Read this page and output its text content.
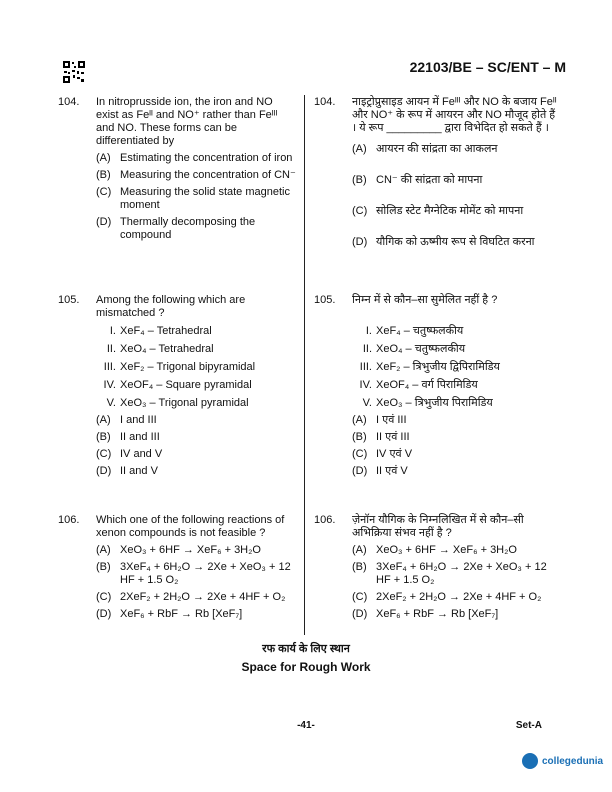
22103/BE – SC/ENT – M
104. In nitroprusside ion, the iron and NO exist as Feᴵᴵ and NO⁺ rather than Feᴵᴵᴵ and NO. These forms can be differentiated by
(A) Estimating the concentration of iron
(B) Measuring the concentration of CN⁻
(C) Measuring the solid state magnetic moment
(D) Thermally decomposing the compound
105. Among the following which are mismatched ?
I. XeF₄ – Tetrahedral
II. XeO₄ – Tetrahedral
III. XeF₂ – Trigonal bipyramidal
IV. XeOF₄ – Square pyramidal
V. XeO₃ – Trigonal pyramidal
(A) I and III
(B) II and III
(C) IV and V
(D) II and V
106. Which one of the following reactions of xenon compounds is not feasible ?
(A) XeO₃ + 6HF → XeF₆ + 3H₂O
(B) 3XeF₄ + 6H₂O → 2Xe + XeO₃ + 12 HF + 1.5 O₂
(C) 2XeF₂ + 2H₂O → 2Xe + 4HF + O₂
(D) XeF₆ + RbF → Rb [XeF₇]
104. नाइट्रोप्रुसाइड आयन में Feᴵᴵᴵ और NO के बजाय Feᴵᴵ और NO⁺ के रूप में आयरन और NO मौजूद होते हैं । ये रूप _________ द्वारा विभेदित हो सकते हैं ।
(A) आयरन की सांद्रता का आकलन
(B) CN⁻ की सांद्रता को मापना
(C) सोलिड स्टेट मैग्नेटिक मोमेंट को मापना
(D) यौगिक को ऊष्मीय रूप से विघटित करना
105. निम्न में से कौन–सा सुमेलित नहीं है ?
I. XeF₄ – चतुष्फलकीय
II. XeO₄ – चतुष्फलकीय
III. XeF₂ – त्रिभुजीय द्विपिरामिडिय
IV. XeOF₄ – वर्ग पिरामिडिय
V. XeO₃ – त्रिभुजीय पिरामिडिय
(A) I एवं III
(B) II एवं III
(C) IV एवं V
(D) II एवं V
106. ज़ेनॉन यौगिक के निम्नलिखित में से कौन–सी अभिक्रिया संभव नहीं है ?
(A) XeO₃ + 6HF → XeF₆ + 3H₂O
(B) 3XeF₄ + 6H₂O → 2Xe + XeO₃ + 12 HF + 1.5 O₂
(C) 2XeF₂ + 2H₂O → 2Xe + 4HF + O₂
(D) XeF₆ + RbF → Rb [XeF₇]
रफ कार्य के लिए स्थान
Space for Rough Work
-41-	Set-A
collegedunia
